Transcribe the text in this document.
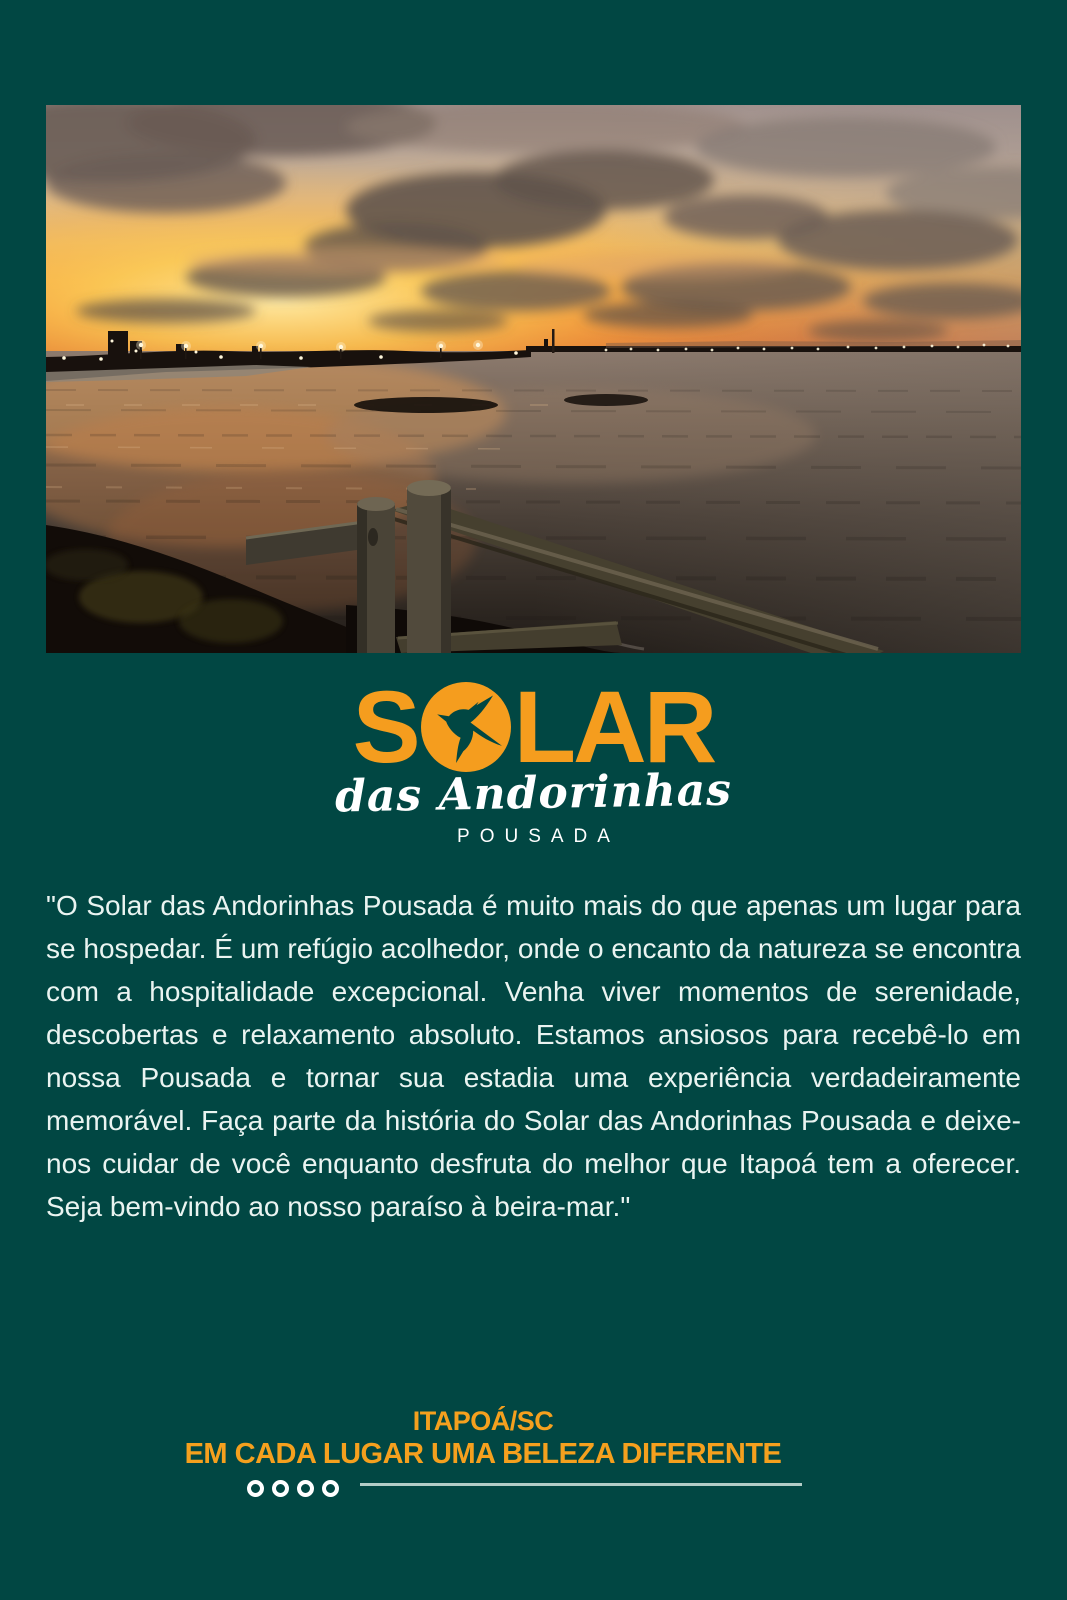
S LAR
das Andorinhas
POUSADA

"O Solar das Andorinhas Pousada é muito mais do que apenas um lugar para se hospedar. É um refúgio acolhedor, onde o encanto da natureza se encontra com a hospitalidade excepcional. Venha viver momentos de serenidade, descobertas e relaxamento absoluto. Estamos ansiosos para recebê-lo em nossa Pousada e tornar sua estadia uma experiência verdadeiramente memorável. Faça parte da história do Solar das Andorinhas Pousada e deixe-nos cuidar de você enquanto desfruta do melhor que Itapoá tem a oferecer. Seja bem-vindo ao nosso paraíso à beira-mar."

ITAPOÁ/SC
EM CADA LUGAR UMA BELEZA DIFERENTE
